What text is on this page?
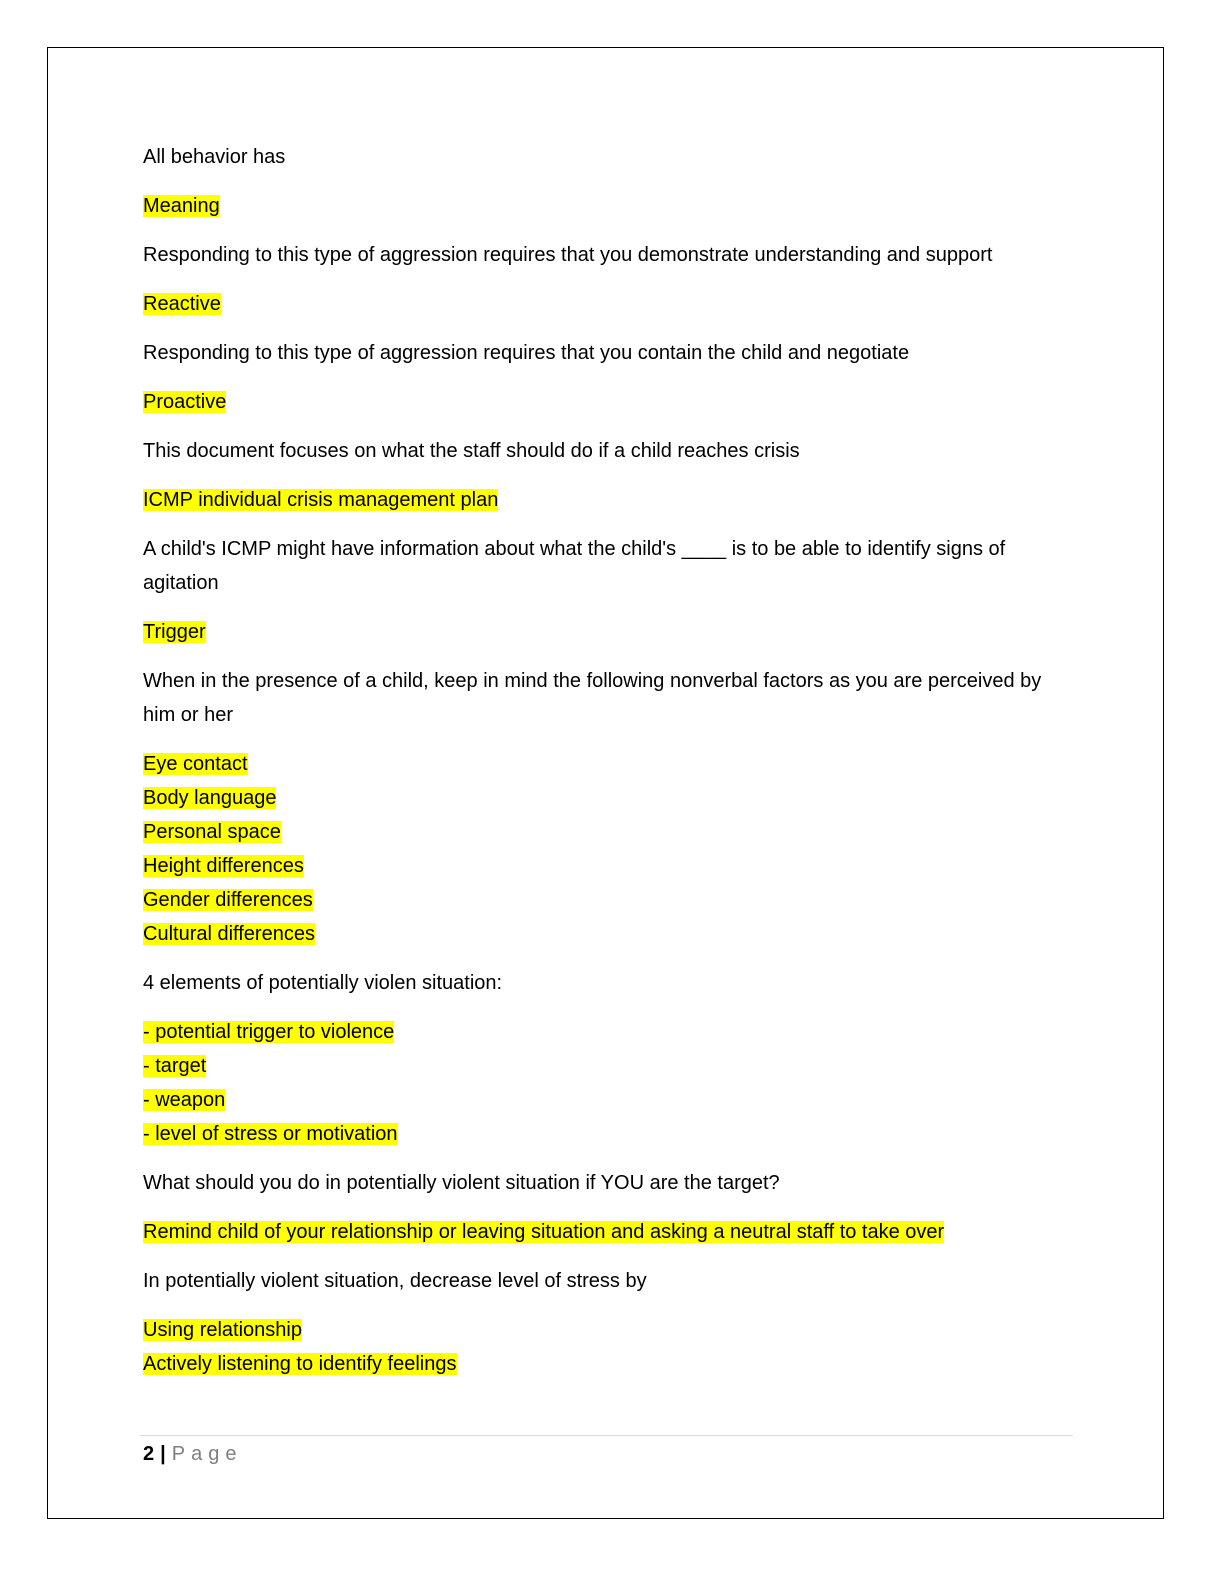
All behavior has

Meaning

Responding to this type of aggression requires that you demonstrate understanding and support

Reactive

Responding to this type of aggression requires that you contain the child and negotiate

Proactive

This document focuses on what the staff should do if a child reaches crisis

ICMP individual crisis management plan

A child's ICMP might have information about what the child's ____ is to be able to identify signs of agitation

Trigger

When in the presence of a child, keep in mind the following nonverbal factors as you are perceived by him or her

Eye contact
Body language
Personal space
Height differences
Gender differences
Cultural differences

4 elements of potentially violen situation:

- potential trigger to violence
- target
- weapon
- level of stress or motivation

What should you do in potentially violent situation if YOU are the target?

Remind child of your relationship or leaving situation and asking a neutral staff to take over

In potentially violent situation, decrease level of stress by

Using relationship
Actively listening to identify feelings
2 | Page
